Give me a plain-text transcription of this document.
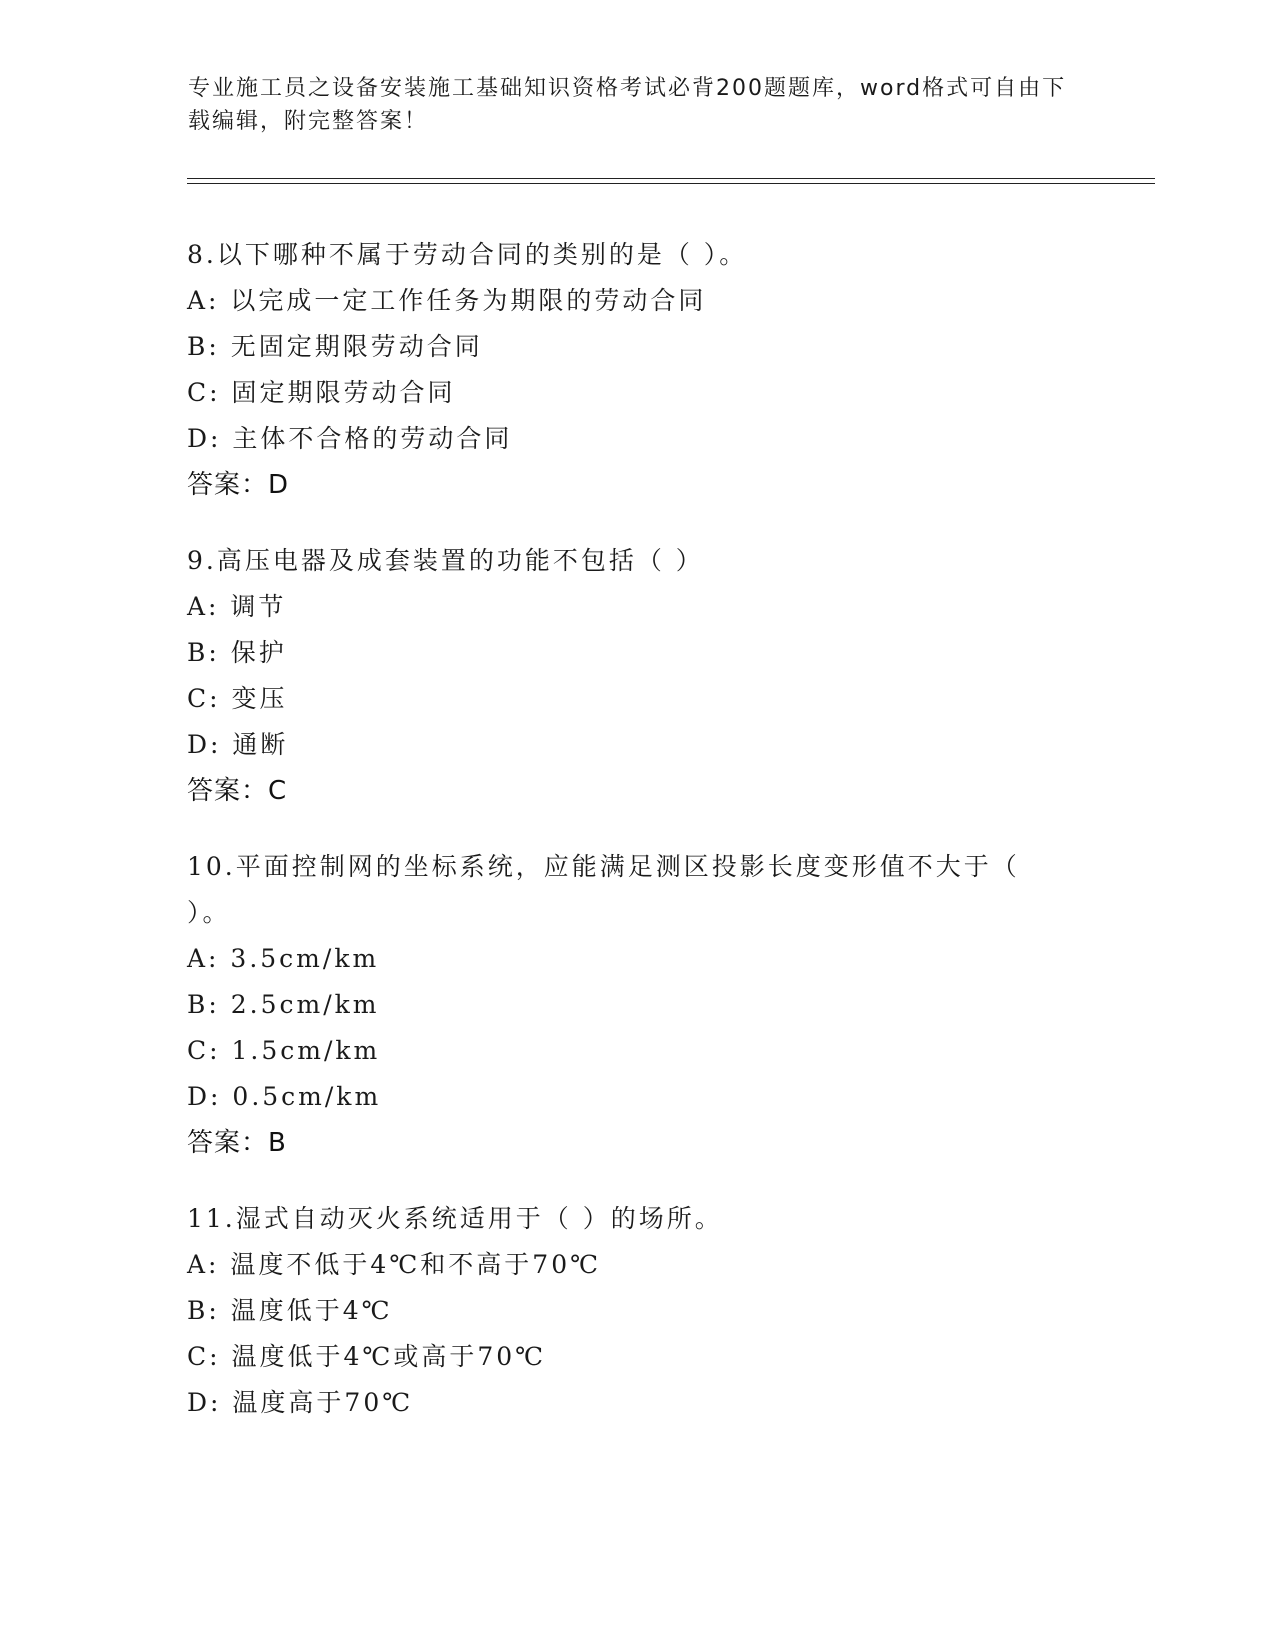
专业施工员之设备安装施工基础知识资格考试必背200题题库，word格式可自由下载编辑，附完整答案！
8.以下哪种不属于劳动合同的类别的是（ ）。
A: 以完成一定工作任务为期限的劳动合同
B: 无固定期限劳动合同
C: 固定期限劳动合同
D: 主体不合格的劳动合同
答案：D
9.高压电器及成套装置的功能不包括（ ）
A: 调节
B: 保护
C: 变压
D: 通断
答案：C
10.平面控制网的坐标系统，应能满足测区投影长度变形值不大于（ ）。
A: 3.5cm/km
B: 2.5cm/km
C: 1.5cm/km
D: 0.5cm/km
答案：B
11.湿式自动灭火系统适用于（ ）的场所。
A: 温度不低于4℃和不高于70℃
B: 温度低于4℃
C: 温度低于4℃或高于70℃
D: 温度高于70℃
